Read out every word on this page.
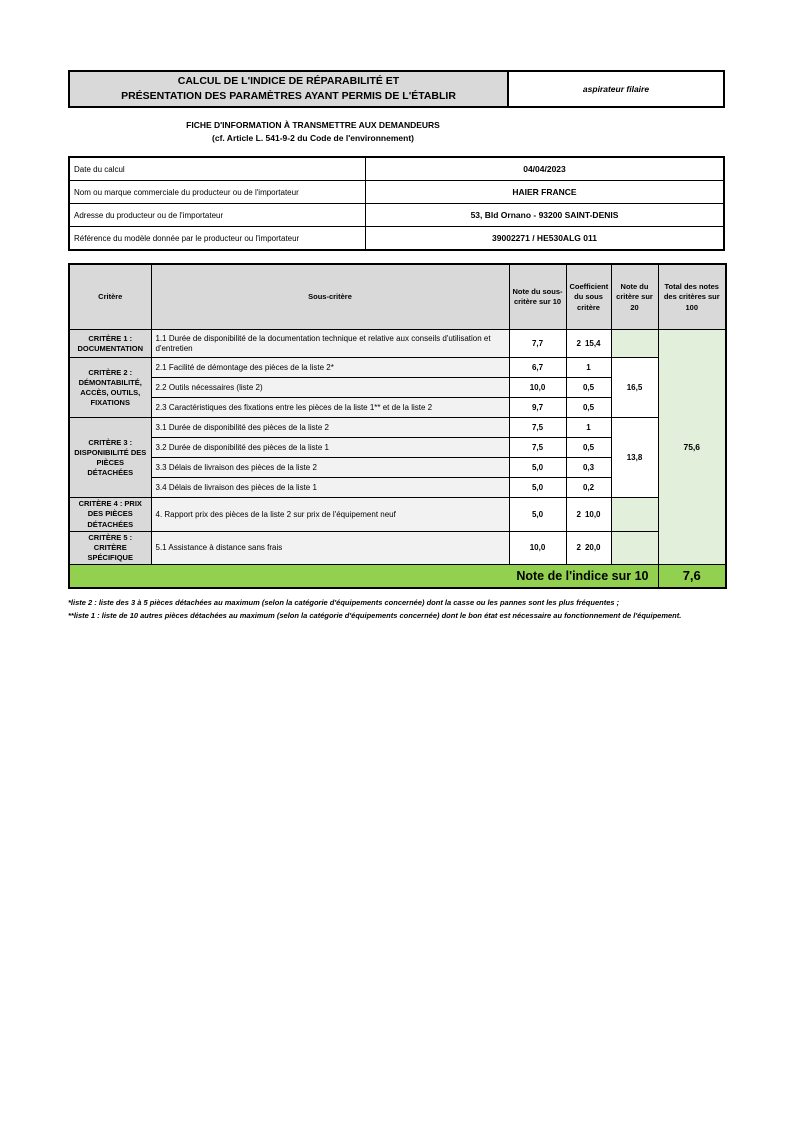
CALCUL DE L'INDICE DE RÉPARABILITÉ ET
PRÉSENTATION DES PARAMÈTRES AYANT PERMIS DE L'ÉTABLIR
aspirateur filaire
FICHE D'INFORMATION À TRANSMETTRE AUX DEMANDEURS
(cf. Article L. 541-9-2 du Code de l'environnement)
Date du calcul	04/04/2023
Nom ou marque commerciale du producteur ou de l'importateur	HAIER FRANCE
Adresse du producteur ou de l'importateur	53, Bld Ornano - 93200 SAINT-DENIS
Référence du modèle donnée par le producteur ou l'importateur	39002271 / HE530ALG 011
Critère	Sous-critère	Note du sous-critère sur 10	Coefficient du sous critère	Note du critère sur 20	Total des notes des critères sur 100
CRITÈRE 1 : DOCUMENTATION	1.1 Durée de disponibilité de la documentation technique et relative aux conseils d'utilisation et d'entretien	7,7	2 15,4		75,6
CRITÈRE 2 : DÉMONTABILITÉ, ACCÈS, OUTILS, FIXATIONS	2.1 Facilité de démontage des pièces de la liste 2*	6,7	1	16,5	
	2.2 Outils nécessaires (liste 2)	10,0	0,5		
	2.3 Caractéristiques des fixations entre les pièces de la liste 1** et de la liste 2	9,7	0,5		
CRITÈRE 3 : DISPONIBILITÉ DES PIÈCES DÉTACHÉES	3.1 Durée de disponibilité des pièces de la liste 2	7,5	1	13,8	
	3.2 Durée de disponibilité des pièces de la liste 1	7,5	0,5		
	3.3 Délais de livraison des pièces de la liste 2	5,0	0,3		
	3.4 Délais de livraison des pièces de la liste 1	5,0	0,2		
CRITÈRE 4 : PRIX DES PIÈCES DÉTACHÉES	4. Rapport prix des pièces de la liste 2 sur prix de l'équipement neuf	5,0	2 10,0		

CRITÈRE 5 : CRITÈRE SPÉCIFIQUE	5.1 Assistance à distance sans frais	10,0	2 20,0		

Note de l'indice sur 10					7,6
*liste 2 : liste des 3 à 5 pièces détachées au maximum (selon la catégorie d'équipements concernée) dont la casse ou les pannes sont les plus fréquentes ;
**liste 1 : liste de 10 autres pièces détachées au maximum (selon la catégorie d'équipements concernée) dont le bon état est nécessaire au fonctionnement de l'équipement.
